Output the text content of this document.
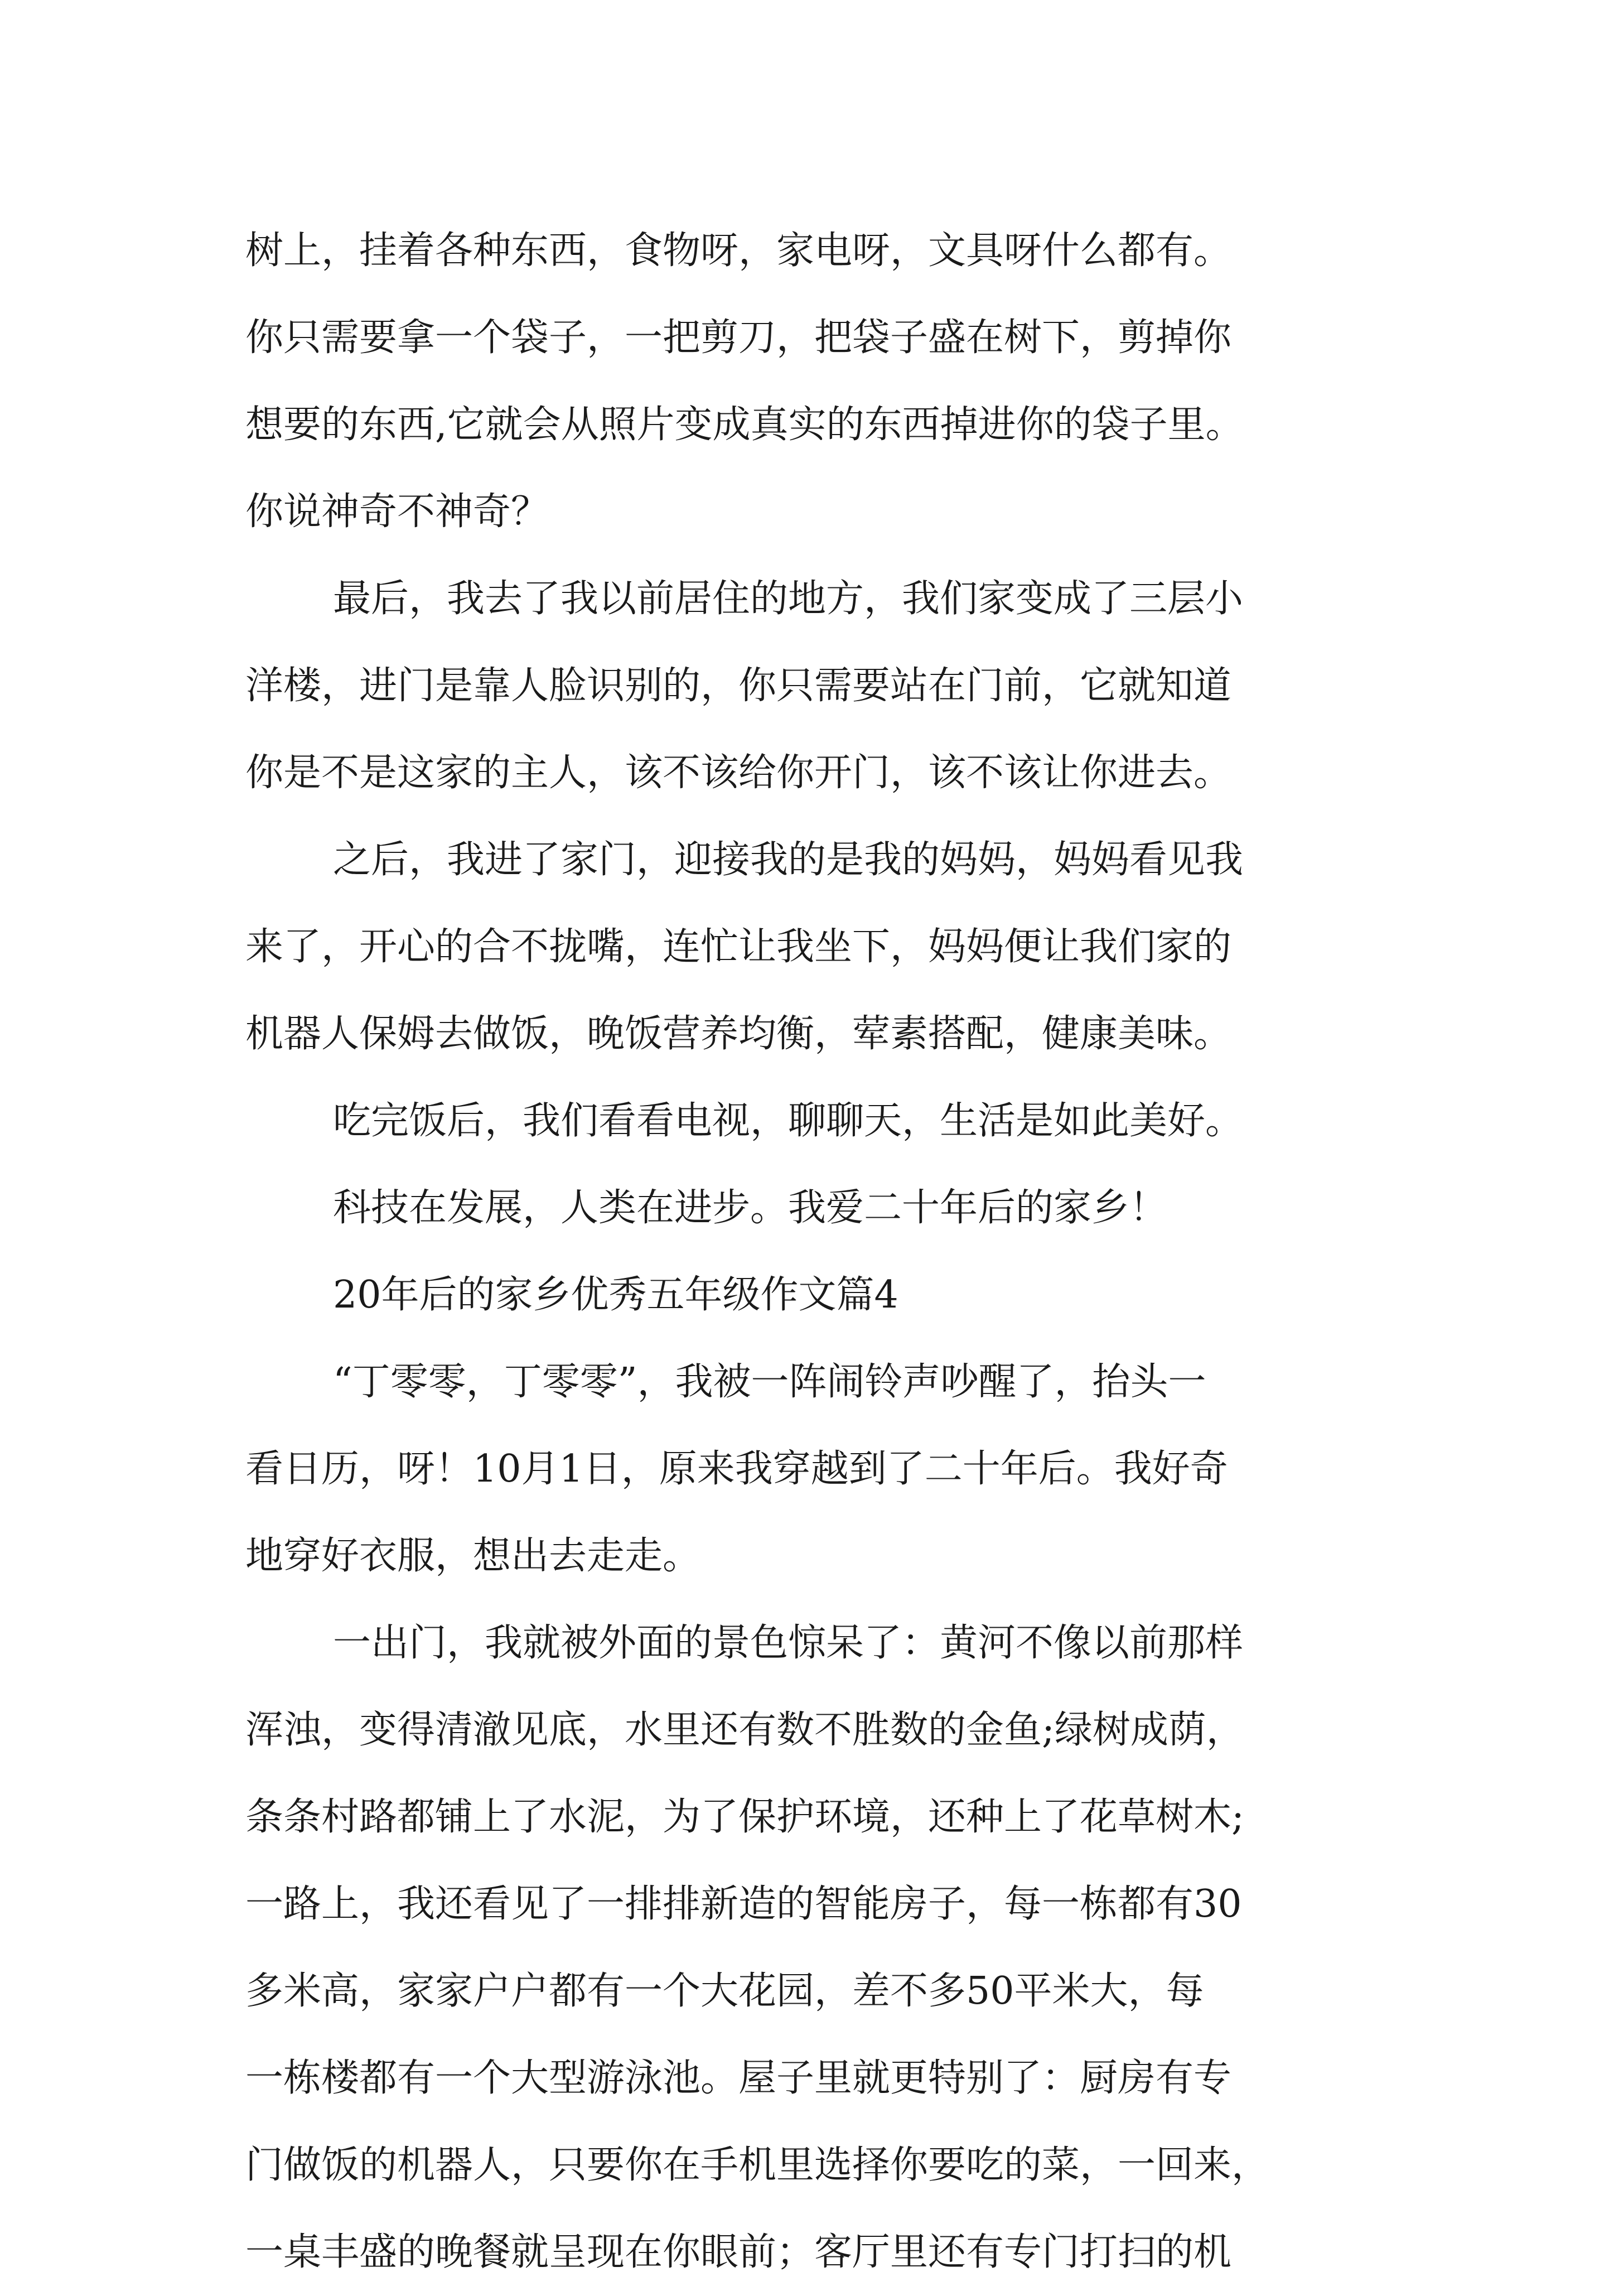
树上，挂着各种东西，食物呀，家电呀，文具呀什么都有。

你只需要拿一个袋子，一把剪刀，把袋子盛在树下，剪掉你

想要的东西,它就会从照片变成真实的东西掉进你的袋子里。

你说神奇不神奇？

最后，我去了我以前居住的地方，我们家变成了三层小

洋楼，进门是靠人脸识别的，你只需要站在门前，它就知道

你是不是这家的主人，该不该给你开门，该不该让你进去。

之后，我进了家门，迎接我的是我的妈妈，妈妈看见我

来了，开心的合不拢嘴，连忙让我坐下，妈妈便让我们家的

机器人保姆去做饭，晚饭营养均衡，荤素搭配，健康美味。

吃完饭后，我们看看电视，聊聊天，生活是如此美好。

科技在发展，人类在进步。我爱二十年后的家乡！

20年后的家乡优秀五年级作文篇4

“丁零零，丁零零”，我被一阵闹铃声吵醒了，抬头一

看日历，呀！10月1日，原来我穿越到了二十年后。我好奇

地穿好衣服，想出去走走。

一出门，我就被外面的景色惊呆了：黄河不像以前那样

浑浊，变得清澈见底，水里还有数不胜数的金鱼;绿树成荫，

条条村路都铺上了水泥，为了保护环境，还种上了花草树木;

一路上，我还看见了一排排新造的智能房子，每一栋都有30

多米高，家家户户都有一个大花园，差不多50平米大，每

一栋楼都有一个大型游泳池。屋子里就更特别了：厨房有专

门做饭的机器人，只要你在手机里选择你要吃的菜，一回来，

一桌丰盛的晚餐就呈现在你眼前；客厅里还有专门打扫的机
